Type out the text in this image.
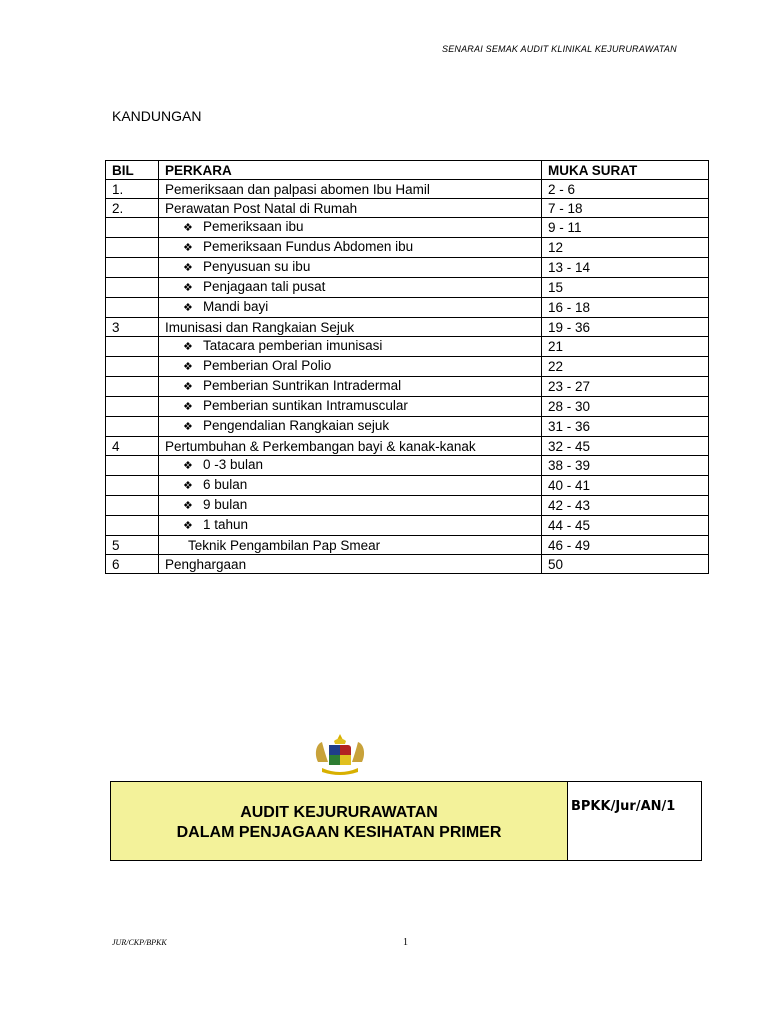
SENARAI SEMAK AUDIT KLINIKAL KEJURURAWATAN
KANDUNGAN
BIL	PERKARA	MUKA SURAT
1.	Pemeriksaan dan palpasi abomen Ibu Hamil	2 - 6
2.	Perawatan Post Natal di Rumah	7 - 18
	❖ Pemeriksaan ibu	9 - 11
	❖ Pemeriksaan Fundus Abdomen ibu	12
	❖ Penyusuan su ibu	13 - 14
	❖ Penjagaan tali pusat	15
	❖ Mandi bayi	16 - 18
3	Imunisasi dan Rangkaian Sejuk	19 - 36
	❖ Tatacara pemberian imunisasi	21
	❖ Pemberian Oral Polio	22
	❖ Pemberian Suntrikan Intradermal	23 - 27
	❖ Pemberian suntikan Intramuscular	28 - 30
	❖ Pengendalian Rangkaian sejuk	31 - 36
4	Pertumbuhan & Perkembangan bayi & kanak-kanak	32 - 45
	❖ 0 -3 bulan	38 - 39
	❖ 6 bulan	40 - 41
	❖ 9 bulan	42 - 43
	❖ 1 tahun	44 - 45
5	Teknik Pengambilan Pap Smear	46 - 49
6	Penghargaan	50
AUDIT KEJURURAWATAN
DALAM PENJAGAAN KESIHATAN PRIMER
BPKK/Jur/AN/1
JUR/CKP/BPKK	1
